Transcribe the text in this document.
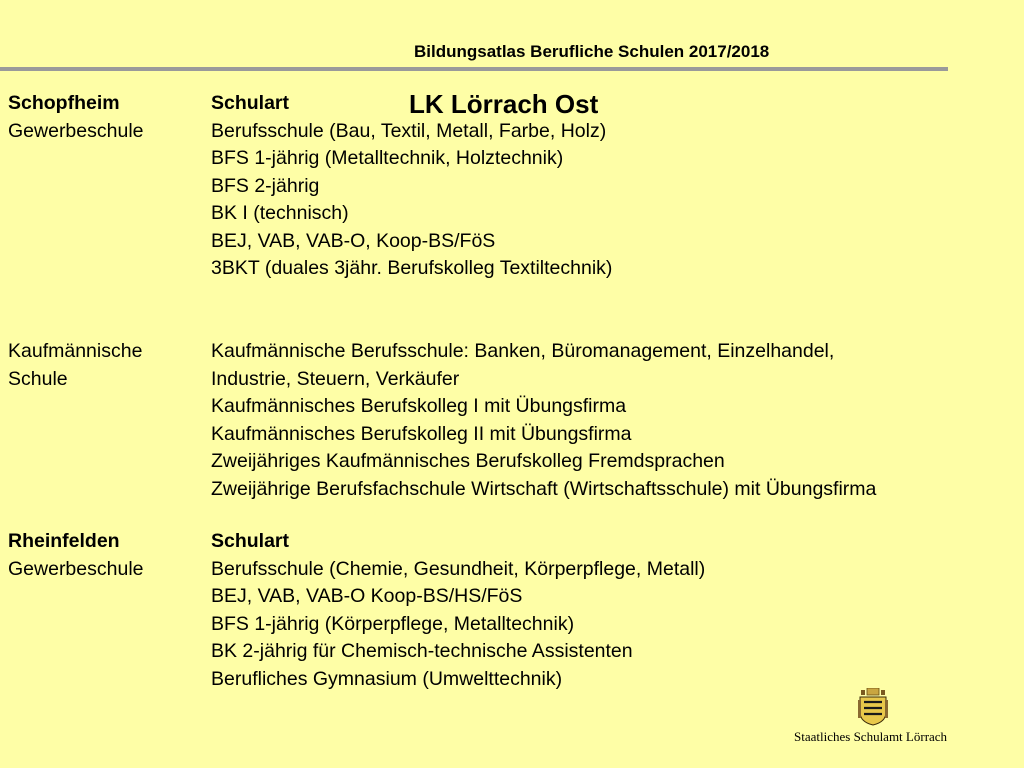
Bildungsatlas Berufliche Schulen 2017/2018
LK Lörrach Ost
Schopfheim
Gewerbeschule
Schulart
Berufsschule (Bau, Textil, Metall, Farbe, Holz)
BFS 1-jährig (Metalltechnik, Holztechnik)
BFS 2-jährig
BK I (technisch)
BEJ, VAB, VAB-O, Koop-BS/FöS
3BKT (duales 3jähr. Berufskolleg Textiltechnik)
Kaufmännische
Schule
Kaufmännische Berufsschule: Banken, Büromanagement, Einzelhandel,
Industrie, Steuern, Verkäufer
Kaufmännisches Berufskolleg I mit Übungsfirma
Kaufmännisches Berufskolleg II mit Übungsfirma
Zweijähriges Kaufmännisches Berufskolleg Fremdsprachen
Zweijährige Berufsfachschule Wirtschaft (Wirtschaftsschule) mit Übungsfirma
Rheinfelden
Gewerbeschule
Schulart
Berufsschule (Chemie, Gesundheit, Körperpflege, Metall)
BEJ, VAB, VAB-O Koop-BS/HS/FöS
BFS 1-jährig (Körperpflege, Metalltechnik)
BK 2-jährig für Chemisch-technische Assistenten
Berufliches Gymnasium (Umwelttechnik)
Staatliches Schulamt Lörrach
